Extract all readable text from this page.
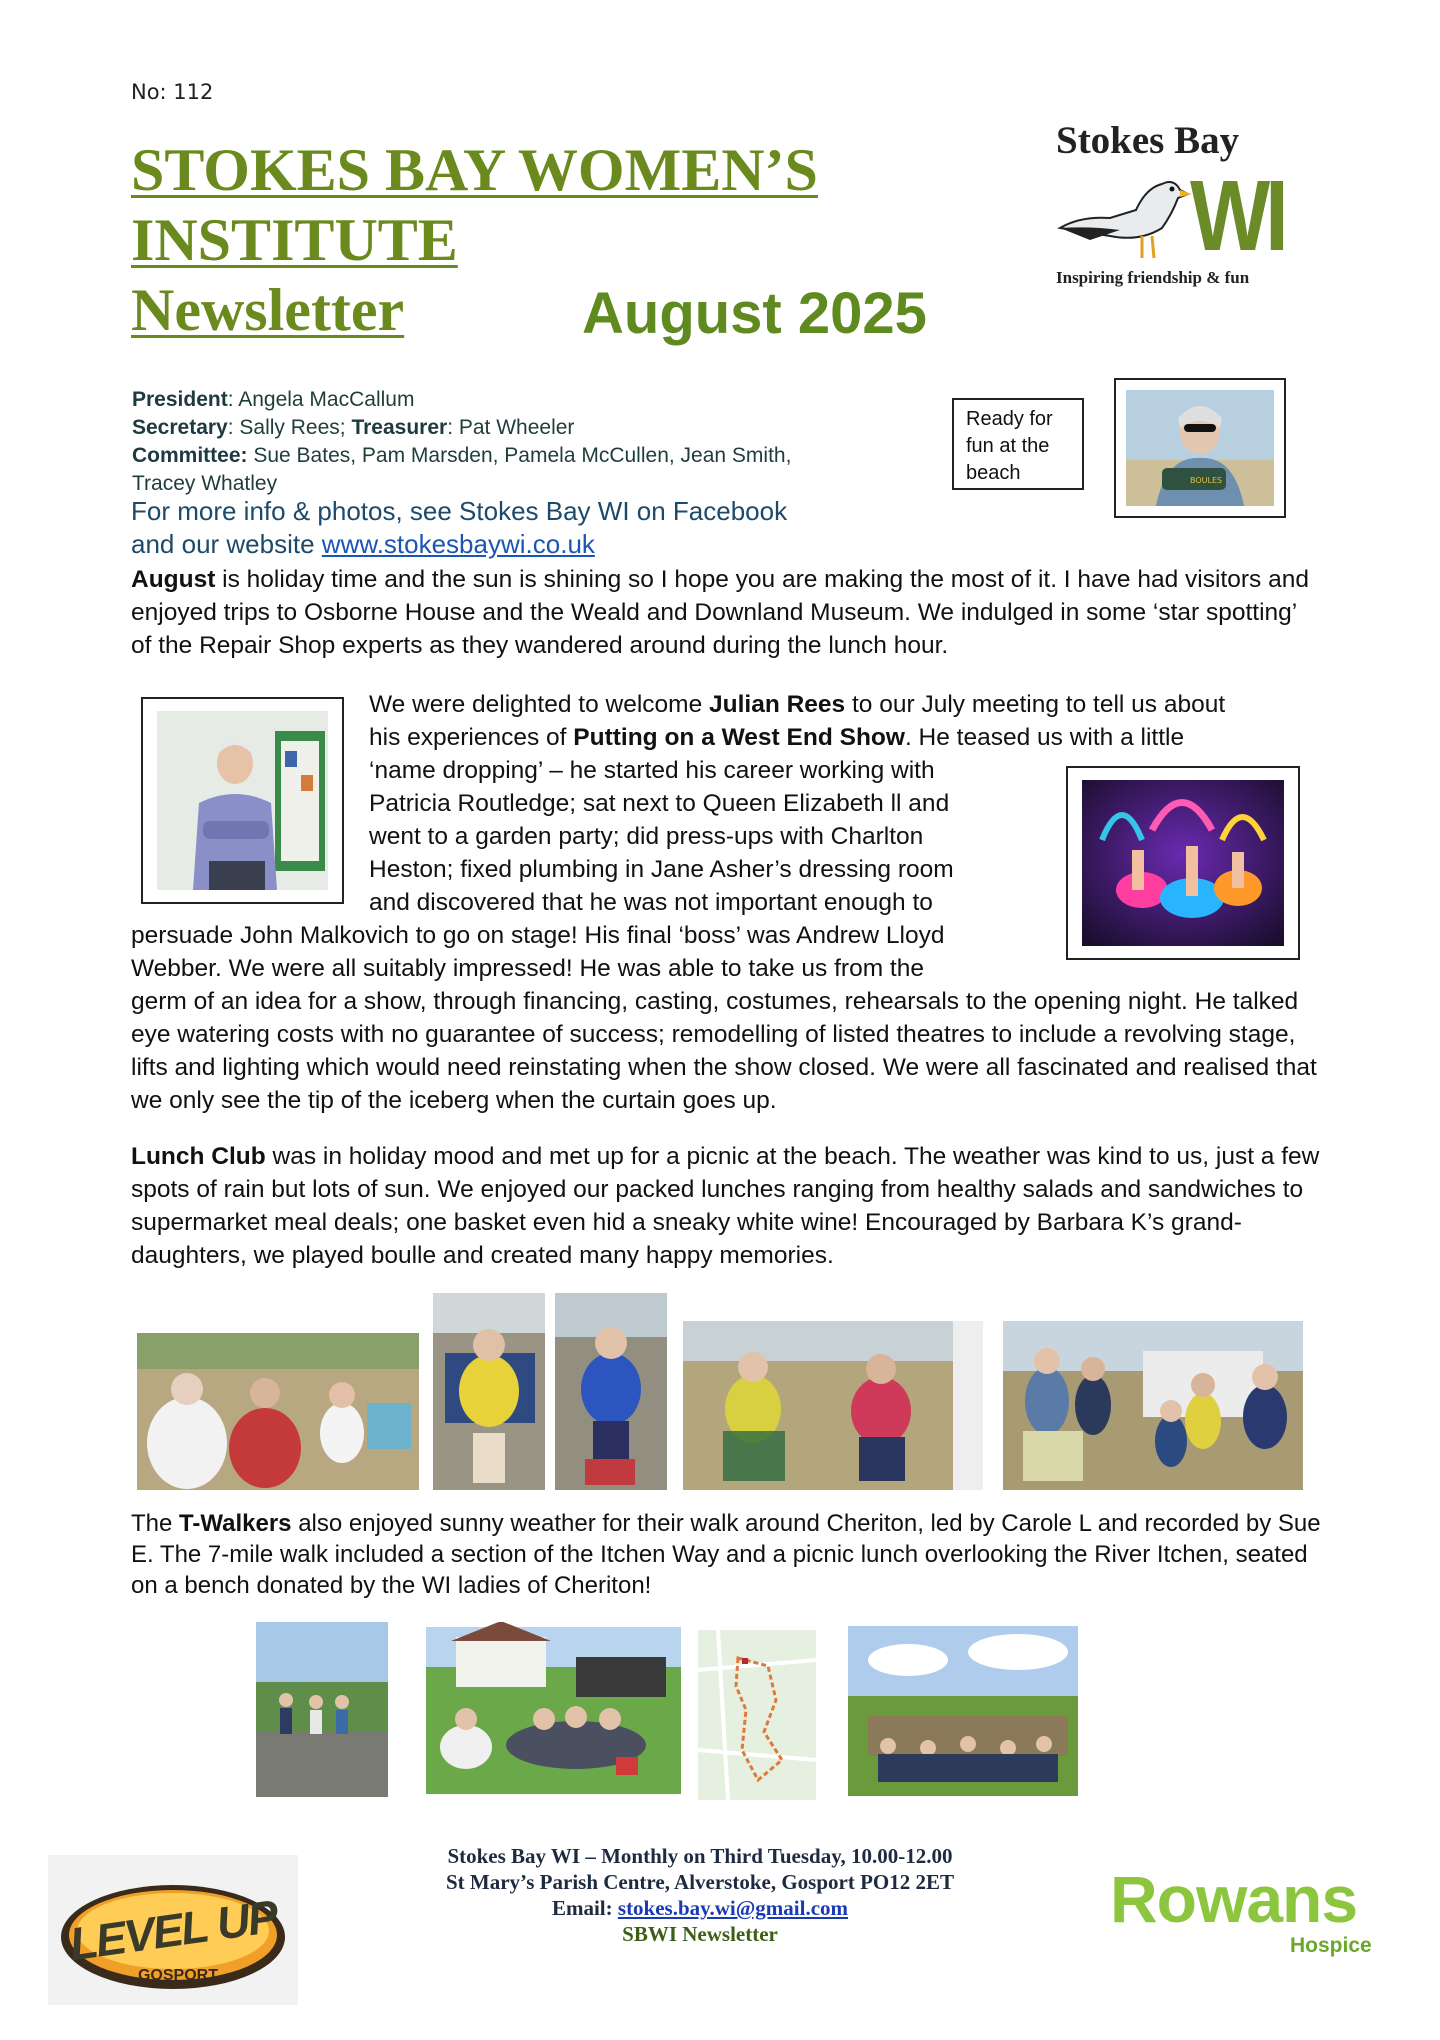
No: 112
STOKES BAY WOMEN’S
INSTITUTE
Newsletter	August 2025
Stokes Bay
WI
Inspiring friendship & fun
President: Angela MacCallum
Secretary: Sally Rees; Treasurer: Pat Wheeler
Committee: Sue Bates, Pam Marsden, Pamela McCullen, Jean Smith,
Tracey Whatley
For more info & photos, see Stokes Bay WI on Facebook
and our website www.stokesbaywi.co.uk
Ready for fun at the beach	BOULES
August is holiday time and the sun is shining so I hope you are making the most of it. I have had visitors and enjoyed trips to Osborne House and the Weald and Downland Museum. We indulged in some ‘star spotting’ of the Repair Shop experts as they wandered around during the lunch hour.
We were delighted to welcome Julian Rees to our July meeting to tell us about
his experiences of Putting on a West End Show. He teased us with a little
‘name dropping’ – he started his career working with
Patricia Routledge; sat next to Queen Elizabeth ll and
went to a garden party; did press-ups with Charlton
Heston; fixed plumbing in Jane Asher’s dressing room
and discovered that he was not important enough to
persuade John Malkovich to go on stage! His final ‘boss’ was Andrew Lloyd
Webber. We were all suitably impressed! He was able to take us from the
germ of an idea for a show, through financing, casting, costumes, rehearsals to the opening night. He talked eye watering costs with no guarantee of success; remodelling of listed theatres to include a revolving stage, lifts and lighting which would need reinstating when the show closed. We were all fascinated and realised that we only see the tip of the iceberg when the curtain goes up.
Lunch Club was in holiday mood and met up for a picnic at the beach. The weather was kind to us, just a few spots of rain but lots of sun. We enjoyed our packed lunches ranging from healthy salads and sandwiches to supermarket meal deals; one basket even hid a sneaky white wine! Encouraged by Barbara K’s grand-daughters, we played boulle and created many happy memories.
The T-Walkers also enjoyed sunny weather for their walk around Cheriton, led by Carole L and recorded by Sue E. The 7-mile walk included a section of the Itchen Way and a picnic lunch overlooking the River Itchen, seated on a bench donated by the WI ladies of Cheriton!
LEVEL UP
GOSPORT
Stokes Bay WI – Monthly on Third Tuesday, 10.00-12.00
St Mary’s Parish Centre, Alverstoke, Gosport PO12 2ET
Email: stokes.bay.wi@gmail.com
SBWI Newsletter	Rowans
Hospice
